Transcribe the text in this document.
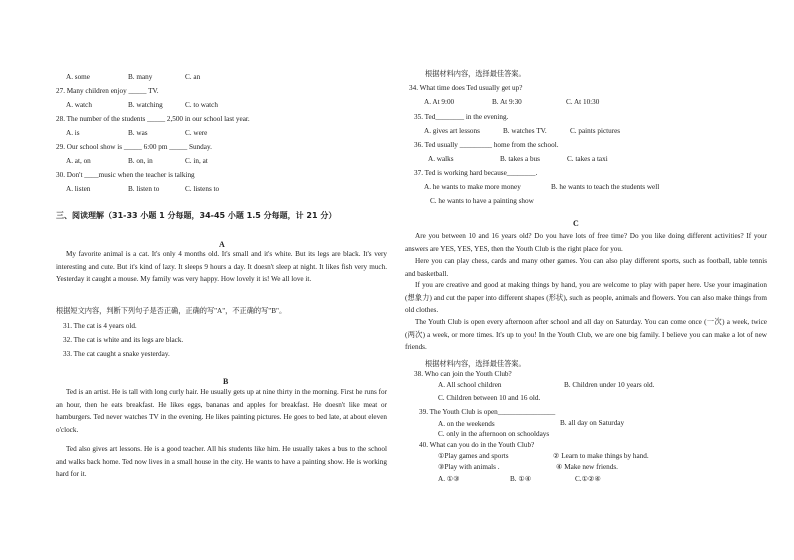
A. some	B. many	C. an
27. Many children enjoy _____ TV.
A. watch	B. watching	C. to watch
28. The number of the students _____ 2,500 in our school last year.
A. is	B. was	C. were
29. Our school show is _____ 6:00 pm _____ Sunday.
A. at, on	B. on, in	C. in, at
30. Don't ____music when the teacher is talking
A. listen	B. listen to	C. listens to
三、阅读理解（31-33 小题 1 分每题，34-45 小题 1.5 分每题，计 21 分）
A
My favorite animal is a cat. It's only 4 months old. It's small and it's white. But its legs are black. It's very interesting and cute. But it's kind of lazy. It sleeps 9 hours a day. It doesn't sleep at night. It likes fish very much. Yesterday it caught a mouse. My family was very happy. How lovely it is! We all love it.
根据短文内容，判断下列句子是否正确，正确的写"A"，不正确的写"B"。
31. The cat is 4 years old.
32. The cat is white and its legs are black.
33. The cat caught a snake yesterday.
B
Ted is an artist. He is tall with long curly hair. He usually gets up at nine thirty in the morning. First he runs for an hour, then he eats breakfast. He likes eggs, bananas and apples for breakfast. He doesn't like meat or hamburgers. Ted never watches TV in the evening. He likes painting pictures. He goes to bed late, at about eleven o'clock.
Ted also gives art lessons. He is a good teacher. All his students like him. He usually takes a bus to the school and walks back home. Ted now lives in a small house in the city. He wants to have a painting show. He is working hard for it.
根据材料内容，选择最佳答案。
34. What time does Ted usually get up?
A. At 9:00	B. At 9:30	C. At 10:30
35. Ted________ in the evening.
A. gives art lessons	B. watches TV.	C. paints pictures
36. Ted usually _________ home from the school.
A. walks	B. takes a bus	C. takes a taxi
37. Ted is working hard because________.
A. he wants to make more money	B. he wants to teach the students well
C. he wants to have a painting show
C
Are you between 10 and 16 years old? Do you have lots of free time? Do you like doing different activities? If your answers are YES, YES, YES, then the Youth Club is the right place for you.
Here you can play chess, cards and many other games. You can also play different sports, such as football, table tennis and basketball.
If you are creative and good at making things by hand, you are welcome to play with paper here. Use your imagination (想象力) and cut the paper into different shapes (形状), such as people, animals and flowers. You can also make things from old clothes.
The Youth Club is open every afternoon after school and all day on Saturday. You can come once (一次) a week, twice (两次) a week, or more times. It's up to you! In the Youth Club, we are one big family. I believe you can make a lot of new friends.
根据材料内容，选择最佳答案。
38. Who can join the Youth Club?
A. All school children	B. Children under 10 years old.
C. Children between 10 and 16 old.
39. The Youth Club is open________________
A. on the weekends	B. all day on Saturday
C. only in the afternoon on schooldays
40. What can you do in the Youth Club?
①Play games and sports	② Learn to make things by hand.
③Play with animals .	④ Make new friends.
A. ①③	B. ①④	C.①②④
